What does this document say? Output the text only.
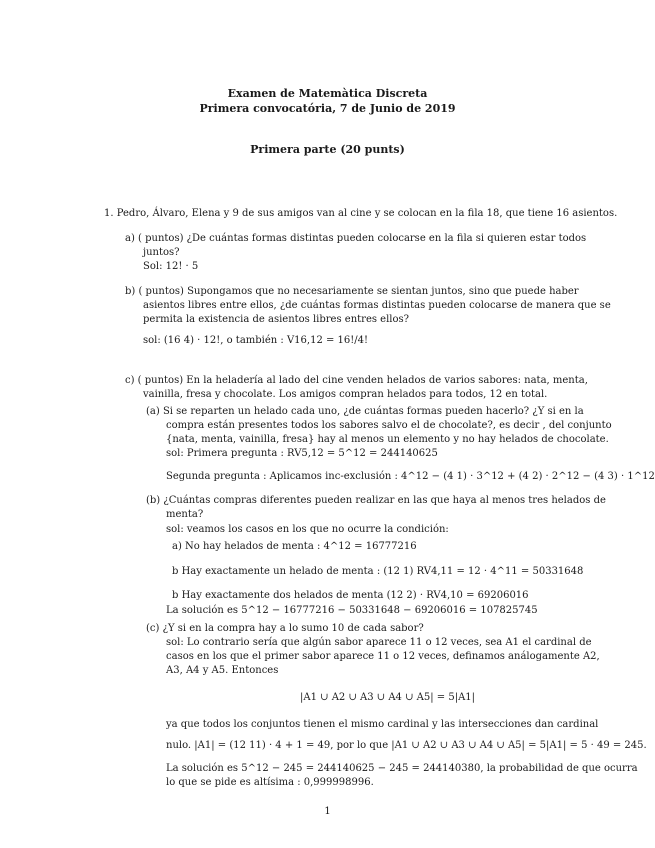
Examen de Matemàtica Discreta
Primera convocatória, 7 de Junio de 2019
Primera parte (20 punts)
1. Pedro, Álvaro, Elena y 9 de sus amigos van al cine y se colocan en la fila 18, que tiene 16 asientos.
a) ( puntos) ¿De cuántas formas distintas pueden colocarse en la fila si quieren estar todos
juntos?
Sol: 12! · 5
b) ( puntos) Supongamos que no necesariamente se sientan juntos, sino que puede haber
asientos libres entre ellos, ¿de cuántas formas distintas pueden colocarse de manera que se
permita la existencia de asientos libres entres ellos?
sol: (16 4) · 12!, o también : V16,12 = 16!/4!
c) ( puntos) En la heladería al lado del cine venden helados de varios sabores: nata, menta,
vainilla, fresa y chocolate. Los amigos compran helados para todos, 12 en total.
(a) Si se reparten un helado cada uno, ¿de cuántas formas pueden hacerlo? ¿Y si en la
compra están presentes todos los sabores salvo el de chocolate?, es decir , del conjunto
{nata, menta, vainilla, fresa} hay al menos un elemento y no hay helados de chocolate.
sol: Primera pregunta : RV5,12 = 5^12 = 244140625
Segunda pregunta : Aplicamos inc-exclusión : 4^12 − (4 1) · 3^12 + (4 2) · 2^12 − (4 3) · 1^12
(b) ¿Cuántas compras diferentes pueden realizar en las que haya al menos tres helados de
menta?
sol: veamos los casos en los que no ocurre la condición:
a) No hay helados de menta : 4^12 = 16777216
b Hay exactamente un helado de menta : (12 1) RV4,11 = 12 · 4^11 = 50331648
b Hay exactamente dos helados de menta (12 2) · RV4,10 = 69206016
La solución es 5^12 − 16777216 − 50331648 − 69206016 = 107825745
(c) ¿Y si en la compra hay a lo sumo 10 de cada sabor?
sol: Lo contrario sería que algún sabor aparece 11 o 12 veces, sea A1 el cardinal de
casos en los que el primer sabor aparece 11 o 12 veces, definamos análogamente A2,
A3, A4 y A5. Entonces
|A1 ∪ A2 ∪ A3 ∪ A4 ∪ A5| = 5|A1|
ya que todos los conjuntos tienen el mismo cardinal y las intersecciones dan cardinal
nulo. |A1| = (12 11) · 4 + 1 = 49, por lo que |A1 ∪ A2 ∪ A3 ∪ A4 ∪ A5| = 5|A1| = 5 · 49 = 245.
La solución es 5^12 − 245 = 244140625 − 245 = 244140380, la probabilidad de que ocurra
lo que se pide es altísima : 0,999998996.
1
